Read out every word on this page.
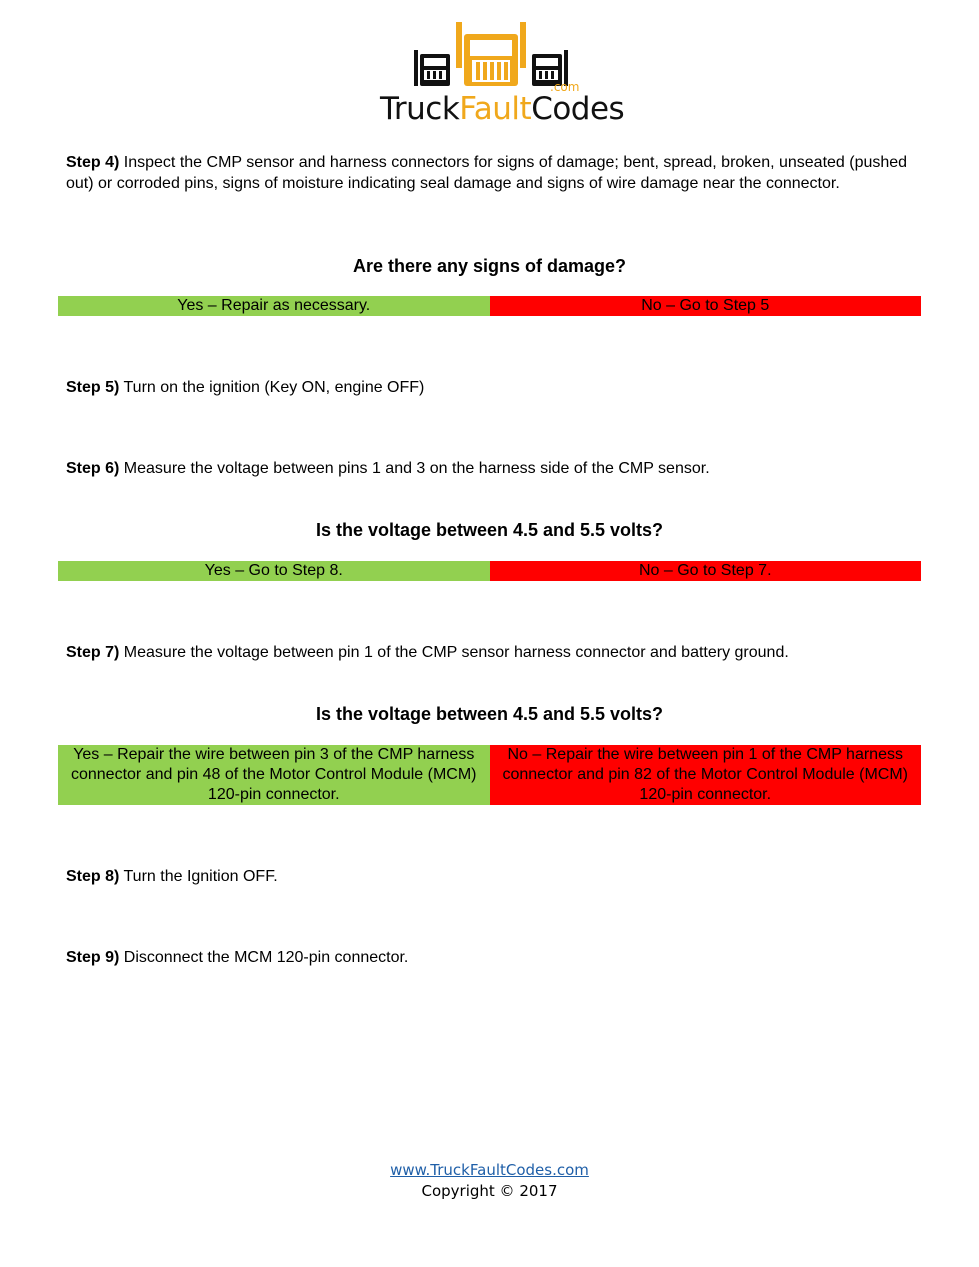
.com
TruckFaultCodes
Step 4) Inspect the CMP sensor and harness connectors for signs of damage; bent, spread, broken, unseated (pushed out) or corroded pins, signs of moisture indicating seal damage and signs of wire damage near the connector.
Are there any signs of damage?
Yes – Repair as necessary.	No – Go to Step 5
Step 5) Turn on the ignition (Key ON, engine OFF)
Step 6) Measure the voltage between pins 1 and 3 on the harness side of the CMP sensor.
Is the voltage between 4.5 and 5.5 volts?
Yes – Go to Step 8.	No – Go to Step 7.
Step 7) Measure the voltage between pin 1 of the CMP sensor harness connector and battery ground.
Is the voltage between 4.5 and 5.5 volts?
Yes – Repair the wire between pin 3 of the CMP harness connector and pin 48 of the Motor Control Module (MCM) 120-pin connector.
No – Repair the wire between pin 1 of the CMP harness connector and pin 82 of the Motor Control Module (MCM) 120-pin connector.
Step 8) Turn the Ignition OFF.
Step 9) Disconnect the MCM 120-pin connector.
www.TruckFaultCodes.com
Copyright © 2017
